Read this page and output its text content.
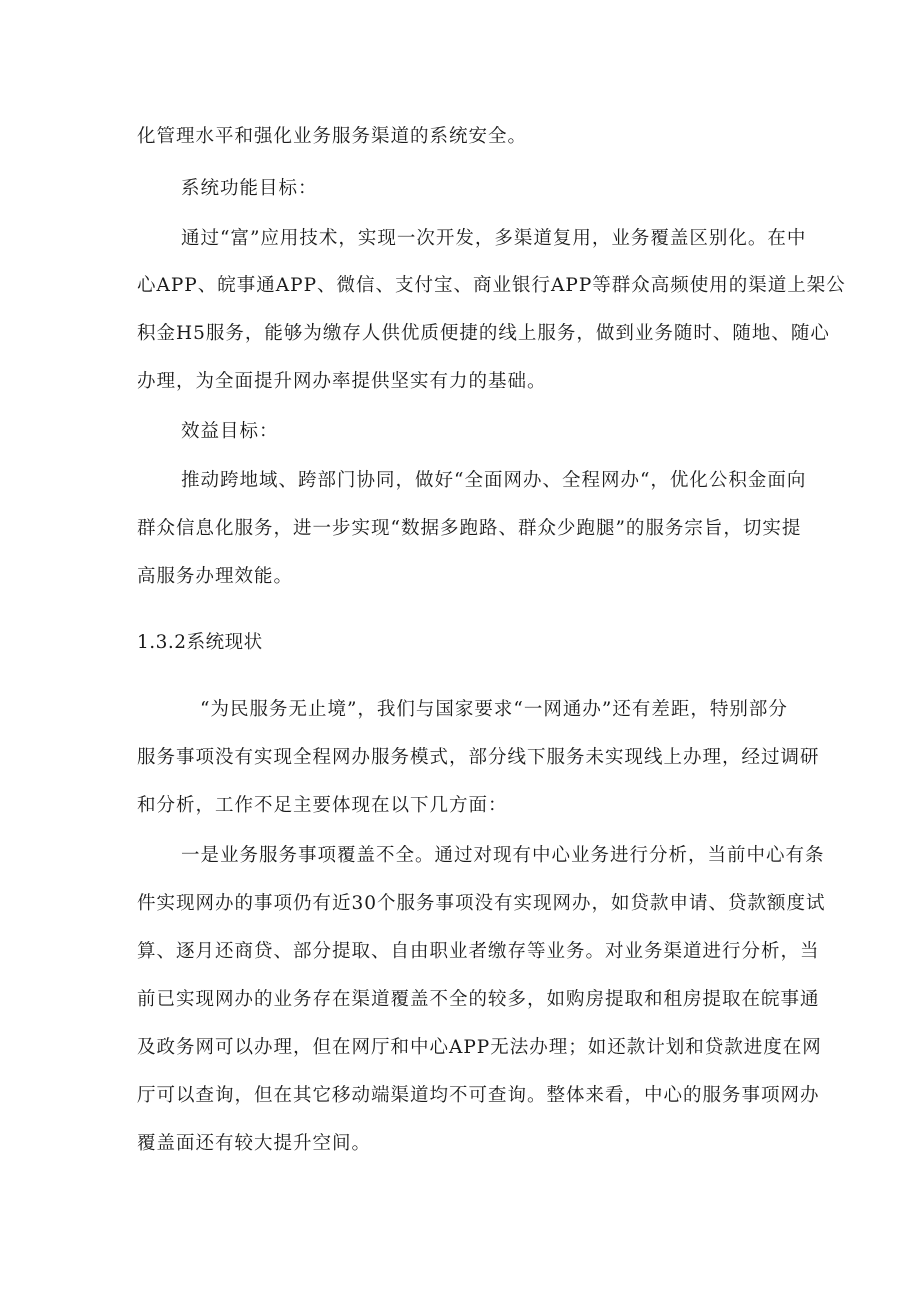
化管理水平和强化业务服务渠道的系统安全。
系统功能目标：
通过“富”应用技术，实现一次开发，多渠道复用，业务覆盖区别化。在中
心APP、皖事通APP、微信、支付宝、商业银行APP等群众高频使用的渠道上架公
积金H5服务，能够为缴存人供优质便捷的线上服务，做到业务随时、随地、随心
办理，为全面提升网办率提供坚实有力的基础。
效益目标：
推动跨地域、跨部门协同，做好“全面网办、全程网办“，优化公积金面向
群众信息化服务，进一步实现“数据多跑路、群众少跑腿”的服务宗旨，切实提
高服务办理效能。
1.3.2系统现状
“为民服务无止境”，我们与国家要求“一网通办”还有差距，特别部分
服务事项没有实现全程网办服务模式，部分线下服务未实现线上办理，经过调研
和分析，工作不足主要体现在以下几方面：
一是业务服务事项覆盖不全。通过对现有中心业务进行分析，当前中心有条
件实现网办的事项仍有近30个服务事项没有实现网办，如贷款申请、贷款额度试
算、逐月还商贷、部分提取、自由职业者缴存等业务。对业务渠道进行分析，当
前已实现网办的业务存在渠道覆盖不全的较多，如购房提取和租房提取在皖事通
及政务网可以办理，但在网厅和中心APP无法办理；如还款计划和贷款进度在网
厅可以查询，但在其它移动端渠道均不可查询。整体来看，中心的服务事项网办
覆盖面还有较大提升空间。
